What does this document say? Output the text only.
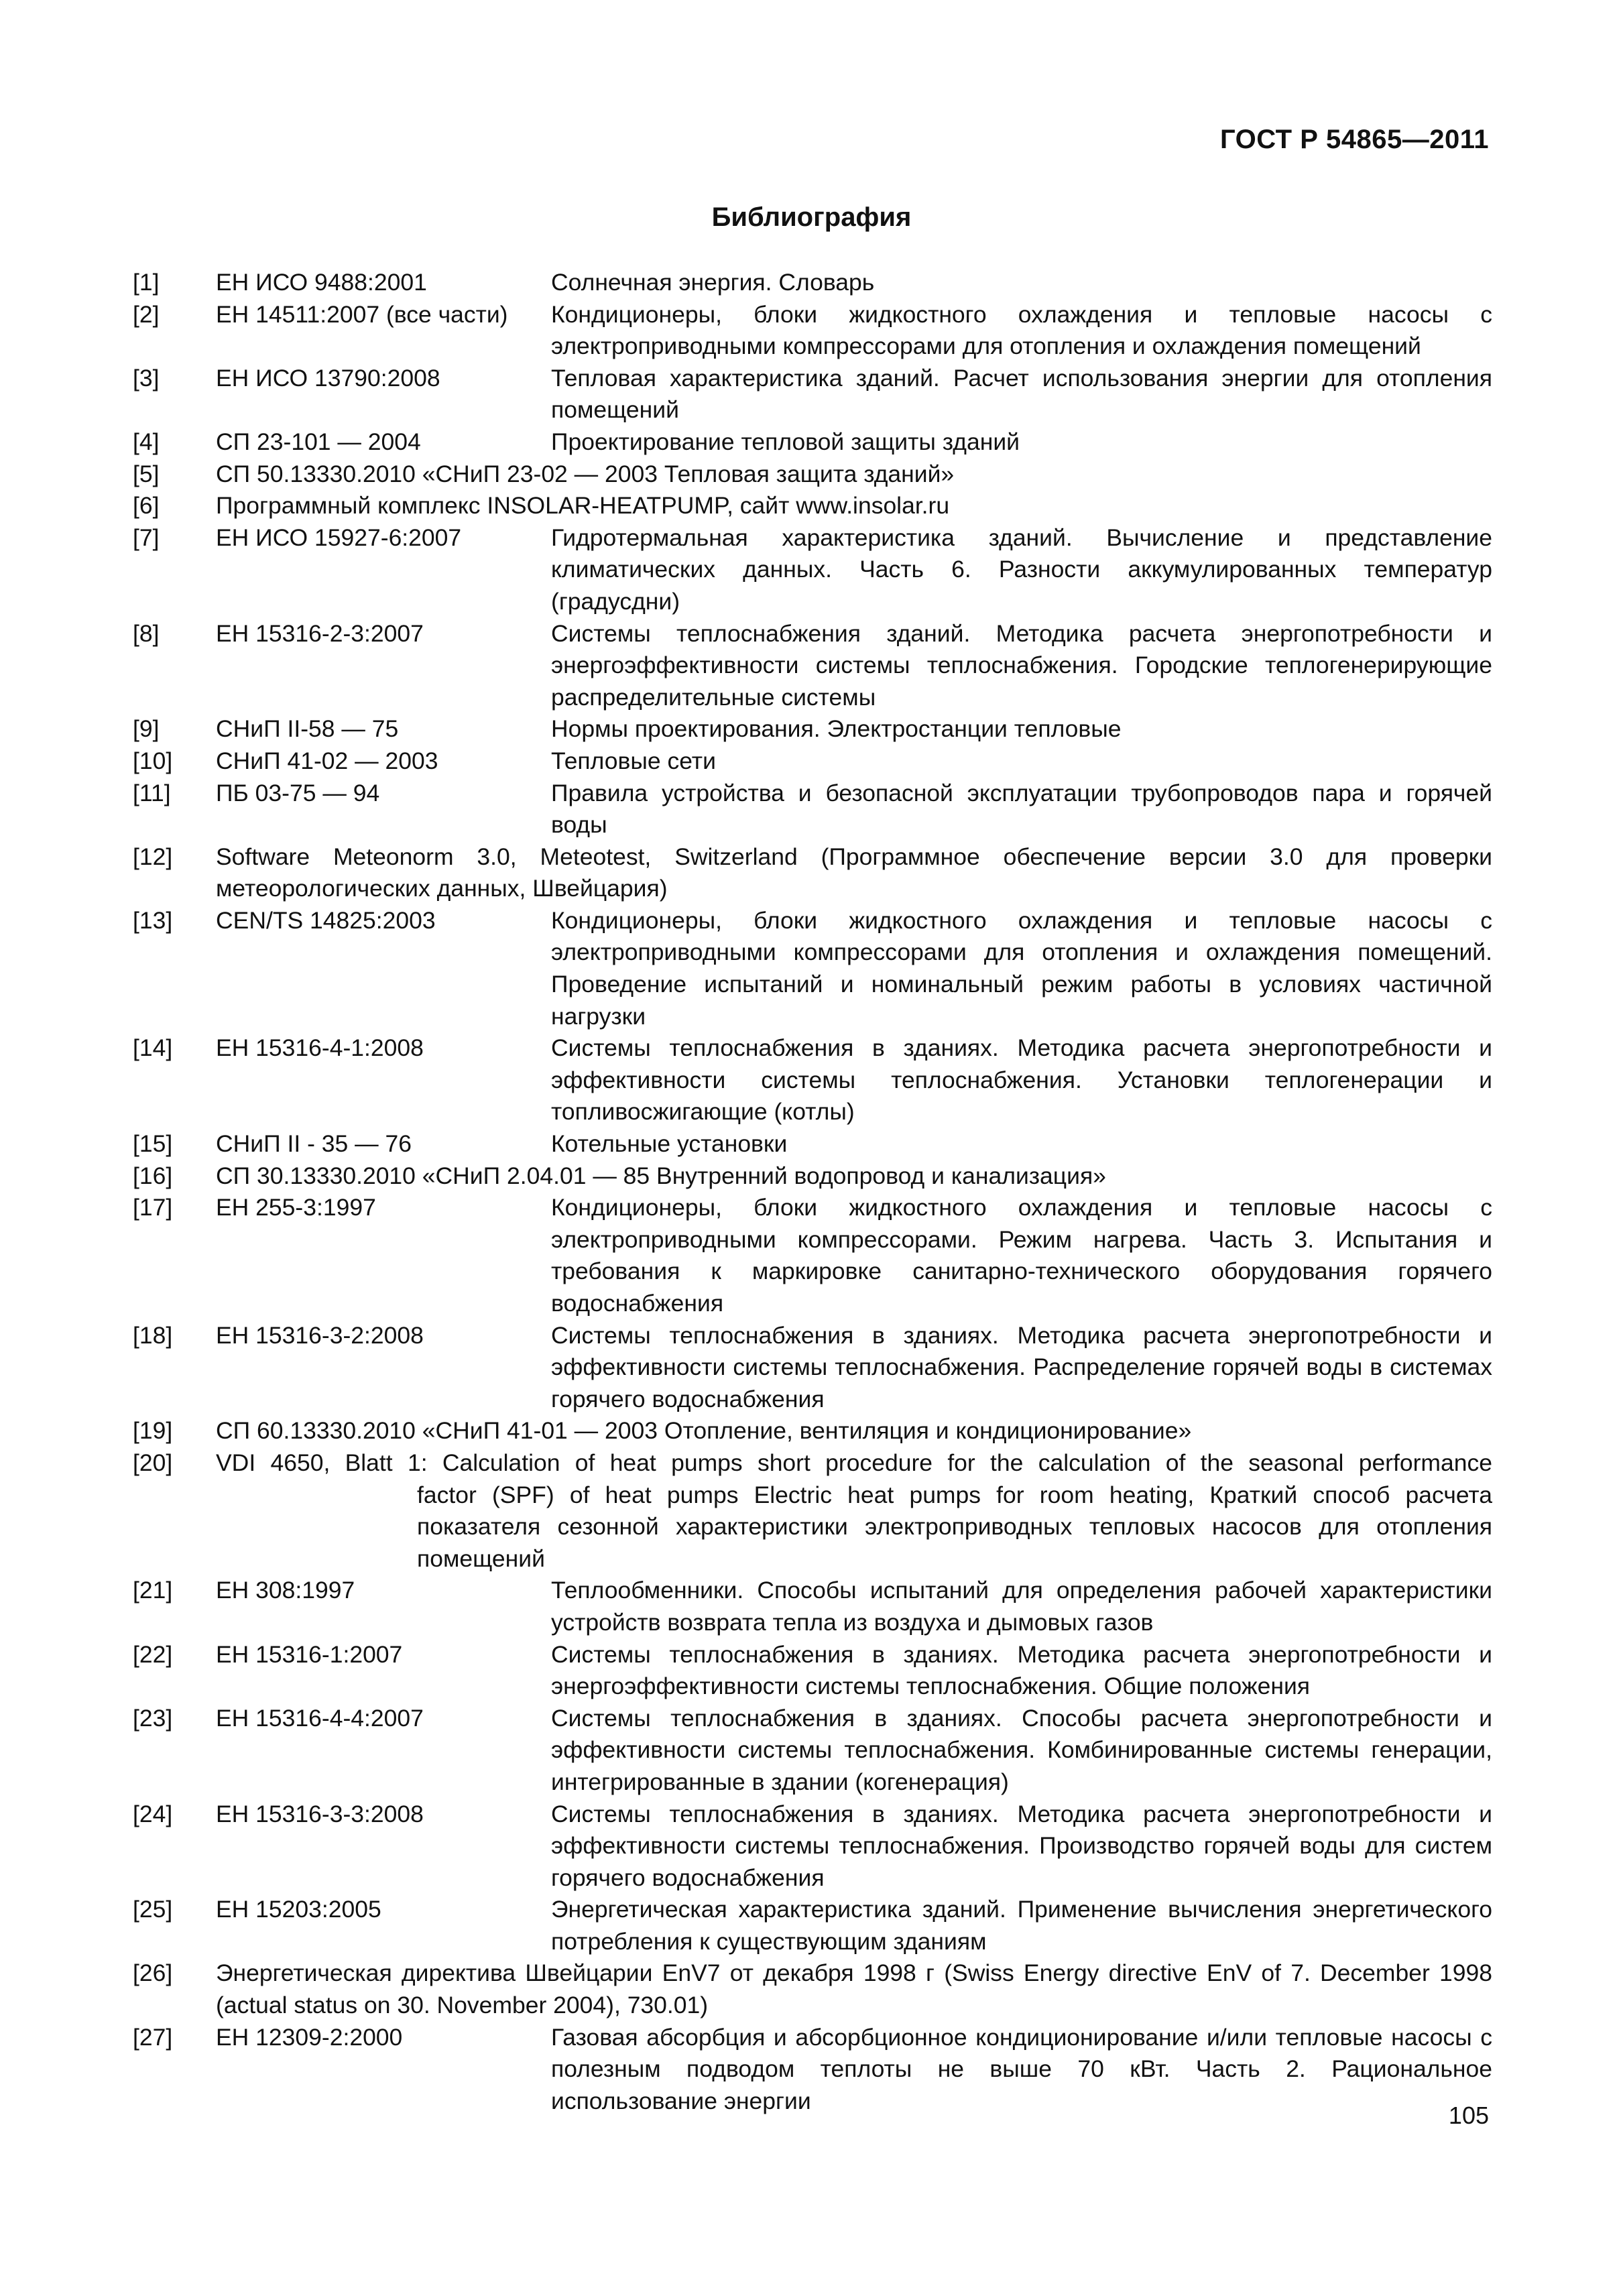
ГОСТ Р 54865—2011
Библиография
[1]	ЕН ИСО 9488:2001	Солнечная энергия. Словарь
[2]	ЕН 14511:2007 (все части)	Кондиционеры, блоки жидкостного охлаждения и тепловые насосы с электроприводными компрессорами для отопления и охлаждения помещений
[3]	ЕН ИСО 13790:2008	Тепловая характеристика зданий. Расчет использования энергии для отопления помещений
[4]	СП 23-101 — 2004	Проектирование тепловой защиты зданий
[5]	СП 50.13330.2010 «СНиП 23-02 — 2003 Тепловая защита зданий»
[6]	Программный комплекс INSOLAR-HEATPUMP, сайт www.insolar.ru
[7]	ЕН ИСО 15927-6:2007	Гидротермальная характеристика зданий. Вычисление и представление климатических данных. Часть 6. Разности аккумулированных температур (градусдни)
[8]	ЕН 15316-2-3:2007	Системы теплоснабжения зданий. Методика расчета энергопотребности и энергоэффективности системы теплоснабжения. Городские теплогенерирующие распределительные системы
[9]	СНиП II-58 — 75	Нормы проектирования. Электростанции тепловые
[10]	СНиП 41-02 — 2003	Тепловые сети
[11]	ПБ 03-75 — 94	Правила устройства и безопасной эксплуатации трубопроводов пара и горячей воды
[12]	Software Meteonorm 3.0, Meteotest, Switzerland (Программное обеспечение версии 3.0 для проверки метеорологических данных, Швейцария)
[13]	CEN/TS 14825:2003	Кондиционеры, блоки жидкостного охлаждения и тепловые насосы с электроприводными компрессорами для отопления и охлаждения помещений. Проведение испытаний и номинальный режим работы в условиях частичной нагрузки
[14]	ЕН 15316-4-1:2008	Системы теплоснабжения в зданиях. Методика расчета энергопотребности и эффективности системы теплоснабжения. Установки теплогенерации и топливосжигающие (котлы)
[15]	СНиП II - 35 — 76	Котельные установки
[16]	СП 30.13330.2010 «СНиП 2.04.01 — 85 Внутренний водопровод и канализация»
[17]	ЕН 255-3:1997	Кондиционеры, блоки жидкостного охлаждения и тепловые насосы с электроприводными компрессорами. Режим нагрева. Часть 3. Испытания и требования к маркировке санитарно-технического оборудования горячего водоснабжения
[18]	ЕН 15316-3-2:2008	Системы теплоснабжения в зданиях. Методика расчета энергопотребности и эффективности системы теплоснабжения. Распределение горячей воды в системах горячего водоснабжения
[19]	СП 60.13330.2010 «СНиП 41-01 — 2003 Отопление, вентиляция и кондиционирование»
[20]	VDI 4650, Blatt 1: Calculation of heat pumps short procedure for the calculation of the seasonal performance
factor (SPF) of heat pumps Electric heat pumps for room heating, Краткий способ расчета показателя сезонной характеристики электроприводных тепловых насосов для отопления помещений
[21]	ЕН 308:1997	Теплообменники. Способы испытаний для определения рабочей характеристики устройств возврата тепла из воздуха и дымовых газов
[22]	ЕН 15316-1:2007	Системы теплоснабжения в зданиях. Методика расчета энергопотребности и энергоэффективности системы теплоснабжения. Общие положения
[23]	ЕН 15316-4-4:2007	Системы теплоснабжения в зданиях. Способы расчета энергопотребности и эффективности системы теплоснабжения. Комбинированные системы генерации, интегрированные в здании (когенерация)
[24]	ЕН 15316-3-3:2008	Системы теплоснабжения в зданиях. Методика расчета энергопотребности и эффективности системы теплоснабжения. Производство горячей воды для систем горячего водоснабжения
[25]	ЕН 15203:2005	Энергетическая характеристика зданий. Применение вычисления энергетического потребления к существующим зданиям
[26]	Энергетическая директива Швейцарии EnV7 от декабря 1998 г (Swiss Energy directive EnV of 7. December 1998 (actual status on 30. November 2004), 730.01)
[27]	ЕН 12309-2:2000	Газовая абсорбция и абсорбционное кондиционирование и/или тепловые насосы с полезным подводом теплоты не выше 70 кВт. Часть 2. Рациональное использование энергии
105
